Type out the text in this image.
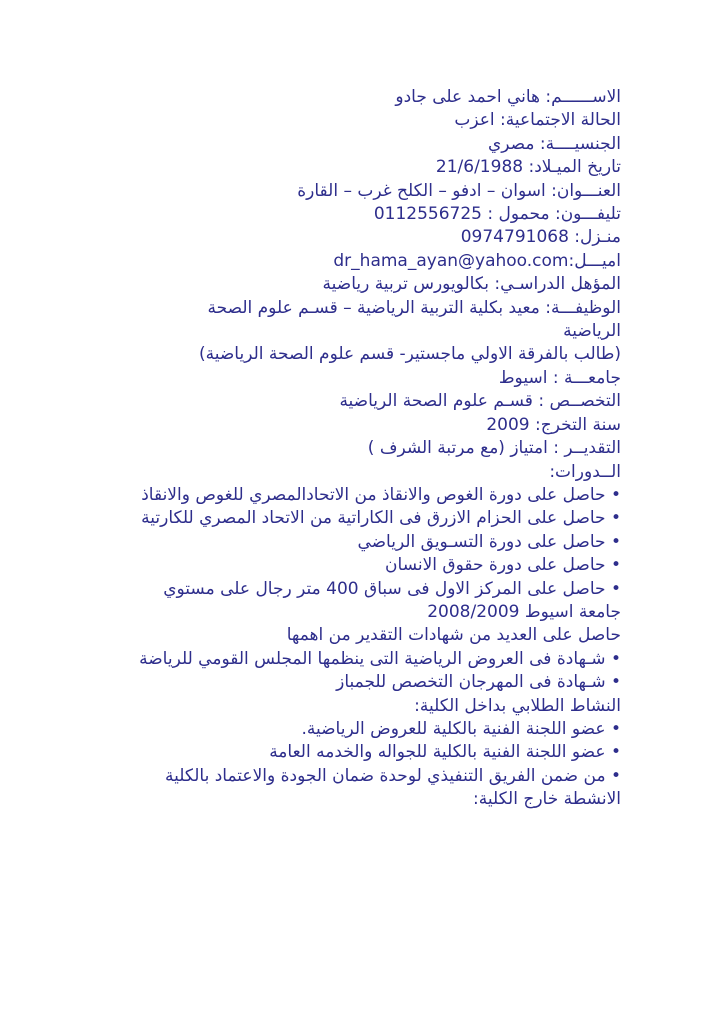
الاســــــم: هاني احمد على جادو
الحالة الاجتماعية: اعزب
الجنسيــــة: مصري
تاريخ الميـلاد: 21/6/1988
العنـــوان: اسوان – ادفو – الكلح غرب – القارة
تليفـــون: محمول : 0112556725
منـزل: 0974791068
اميـــل:dr_hama_ayan@yahoo.com
المؤهل الدراسـي: بكالويورس تربية رياضية
الوظيفـــة: معيد بكلية التربية الرياضية – قسـم علوم الصحة
الرياضية
(طالب بالفرقة الاولي ماجستير- قسم علوم الصحة الرياضية)
جامعـــة : اسيوط
التخصــص : قسـم علوم الصحة الرياضية
سنة التخرج: 2009
التقديــر : امتياز (مع مرتبة الشرف )
الــدورات:
• حاصل على دورة الغوص والانقاذ من الاتحادالمصري للغوص والانقاذ
• حاصل على الحزام الازرق فى الكاراتية من الاتحاد المصري للكارتية
• حاصل على دورة التسـويق الرياضي
• حاصل على دورة حقوق الانسان
• حاصل على المركز الاول فى سباق 400 متر رجال على مستوي جامعة اسيوط 2008/2009
حاصل على العديد من شهادات التقدير من اهمها
• شـهادة فى العروض الرياضية التى ينظمها المجلس القومي للرياضة
• شـهادة فى المهرجان التخصص للجمباز
النشاط الطلابي بداخل الكلية:
• عضو اللجنة الفنية بالكلية للعروض الرياضية.
• عضو اللجنة الفنية بالكلية للجواله والخدمه العامة
• من ضمن الفريق التنفيذي لوحدة ضمان الجودة والاعتماد بالكلية
الانشطة خارج الكلية:
